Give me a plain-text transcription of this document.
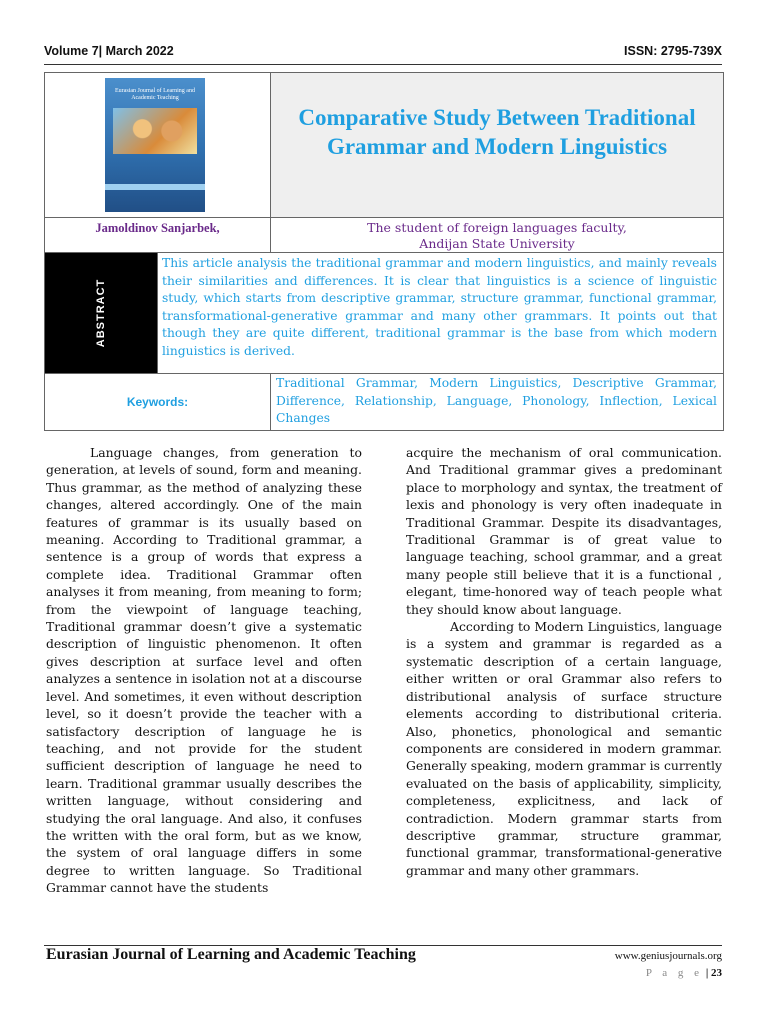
Volume 7| March 2022	ISSN: 2795-739X
Eurasian Journal of Learning and Academic Teaching		Comparative Study Between Traditional Grammar and Modern Linguistics

Jamoldinov Sanjarbek,		The student of foreign languages faculty,
Andijan State University

ABSTRACT	This article analysis the traditional grammar and modern linguistics, and mainly reveals their similarities and differences. It is clear that linguistics is a science of linguistic study, which starts from descriptive grammar, structure grammar, functional grammar, transformational-generative grammar and many other grammars. It points out that though they are quite different, traditional grammar is the base from which modern linguistics is derived.	
Keywords:		Traditional Grammar, Modern Linguistics, Descriptive Grammar, Difference, Relationship, Language, Phonology, Inflection, Lexical Changes

Language changes, from generation to generation, at levels of sound, form and meaning. Thus grammar, as the method of analyzing these changes, altered accordingly. One of the main features of grammar is its usually based on meaning. According to Traditional grammar, a sentence is a group of words that express a complete idea. Traditional Grammar often analyses it from meaning, from meaning to form; from the viewpoint of language teaching, Traditional grammar doesn’t give a systematic description of linguistic phenomenon. It often gives description at surface level and often analyzes a sentence in isolation not at a discourse level. And sometimes, it even without description level, so it doesn’t provide the teacher with a satisfactory description of language he is teaching, and not provide for the student sufficient description of language he need to learn. Traditional grammar usually describes the written language, without considering and studying the oral language. And also, it confuses the written with the oral form, but as we know, the system of oral language differs in some degree to written language. So Traditional Grammar cannot have the students

acquire the mechanism of oral communication. And Traditional grammar gives a predominant place to morphology and syntax, the treatment of lexis and phonology is very often inadequate in Traditional Grammar. Despite its disadvantages, Traditional Grammar is of great value to language teaching, school grammar, and a great many people still believe that it is a functional , elegant, time-honored way of teach people what they should know about language.

According to Modern Linguistics, language is a system and grammar is regarded as a systematic description of a certain language, either written or oral Grammar also refers to distributional analysis of surface structure elements according to distributional criteria. Also, phonetics, phonological and semantic components are considered in modern grammar. Generally speaking, modern grammar is currently evaluated on the basis of applicability, simplicity, completeness, explicitness, and lack of contradiction. Modern grammar starts from descriptive grammar, structure grammar, functional grammar, transformational-generative grammar and many other grammars.

Eurasian Journal of Learning and Academic Teaching	www.geniusjournals.org
P a g e | 23
